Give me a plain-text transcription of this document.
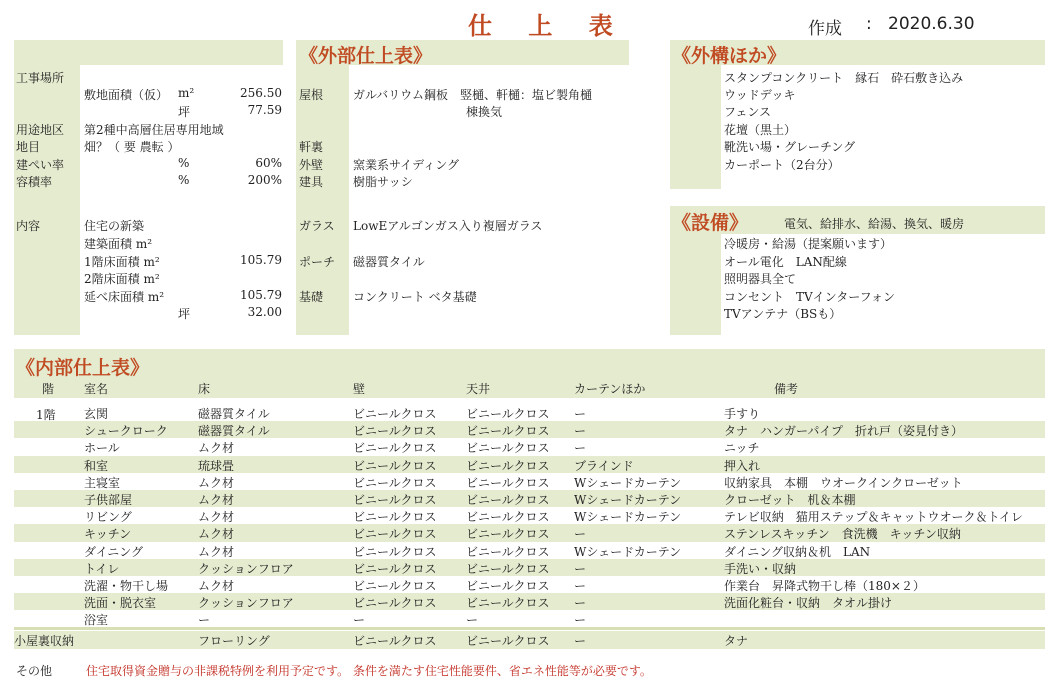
仕 上 表	作成 : 2020.6.30
工事場所
敷地面積（仮） m²	256.50
坪	77.59
用途地区 第2種中高層住居専用地域
地目	畑？（ 要 農転 ）
建ぺい率	%	60%
容積率	%	200%
内容	住宅の新築
建築面積 m²
1階床面積 m²	105.79
2階床面積 m²
延べ床面積 m²	105.79
坪	32.00
《外部仕上表》
屋根 ガルバリウム鋼板　竪樋、軒樋：塩ビ製角樋
棟換気
軒裏
外壁 窯業系サイディング
建具 樹脂サッシ
ガラス LowEアルゴンガス入り複層ガラス
ポーチ 磁器質タイル
基礎 コンクリート ベタ基礎
《外構ほか》
スタンプコンクリート　縁石　砕石敷き込み
ウッドデッキ
フェンス
花壇（黒土）
靴洗い場・グレーチング
カーポート（2台分）
《設備》	電気、給排水、給湯、換気、暖房
冷暖房・給湯（提案願います）
オール電化　LAN配線
照明器具全て
コンセント　TVインターフォン
TVアンテナ（BSも）
《内部仕上表》
階 室名	床	壁	天井	カーテンほか	備考
1階 玄関	磁器質タイル	ビニールクロス ビニールクロス ー	手すり
シュークローク	磁器質タイル	ビニールクロス ビニールクロス ー	タナ　ハンガーパイプ　折れ戸（姿見付き）
ホール	ムク材	ビニールクロス ビニールクロス ー	ニッチ
和室	琉球畳	ビニールクロス ビニールクロス ブラインド	押入れ
主寝室	ムク材	ビニールクロス ビニールクロス Wシェードカーテン	収納家具　本棚　ウオークインクローゼット
子供部屋	ムク材	ビニールクロス ビニールクロス Wシェードカーテン	クローゼット　机＆本棚
リビング	ムク材	ビニールクロス ビニールクロス Wシェードカーテン	テレビ収納　猫用ステップ＆キャットウオーク＆トイレ
キッチン	ムク材	ビニールクロス ビニールクロス ー	ステンレスキッチン　食洗機　キッチン収納
ダイニング	ムク材	ビニールクロス ビニールクロス Wシェードカーテン	ダイニング収納＆机　LAN
トイレ	クッションフロア	ビニールクロス ビニールクロス ー	手洗い・収納
洗濯・物干し場 ムク材	ビニールクロス ビニールクロス ー	作業台　昇降式物干し棒（180×２）
洗面・脱衣室	クッションフロア	ビニールクロス ビニールクロス ー	洗面化粧台・収納　タオル掛け
浴室	ー	ー	ー	ー
小屋裏収納	フローリング	ビニールクロス ビニールクロス ー	タナ
その他	住宅取得資金贈与の非課税特例を利用予定です。 条件を満たす住宅性能要件、省エネ性能等が必要です。
